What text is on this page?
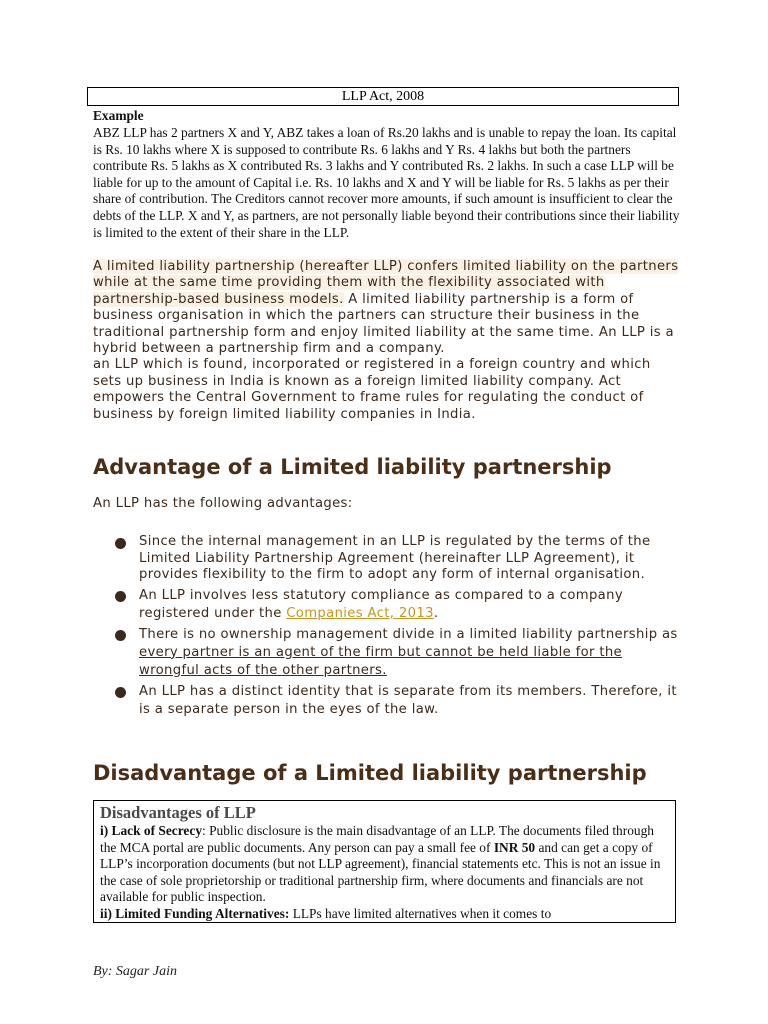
LLP Act, 2008
Example
ABZ LLP has 2 partners X and Y, ABZ takes a loan of Rs.20 lakhs and is unable to repay the loan. Its capital is Rs. 10 lakhs where X is supposed to contribute Rs. 6 lakhs and Y Rs. 4 lakhs but both the partners contribute Rs. 5 lakhs as X contributed Rs. 3 lakhs and Y contributed Rs. 2 lakhs. In such a case LLP will be liable for up to the amount of Capital i.e. Rs. 10 lakhs and X and Y will be liable for Rs. 5 lakhs as per their share of contribution. The Creditors cannot recover more amounts, if such amount is insufficient to clear the debts of the LLP. X and Y, as partners, are not personally liable beyond their contributions since their liability is limited to the extent of their share in the LLP.
A limited liability partnership (hereafter LLP) confers limited liability on the partners while at the same time providing them with the flexibility associated with partnership-based business models. A limited liability partnership is a form of business organisation in which the partners can structure their business in the traditional partnership form and enjoy limited liability at the same time. An LLP is a hybrid between a partnership firm and a company.
an LLP which is found, incorporated or registered in a foreign country and which sets up business in India is known as a foreign limited liability company. Act empowers the Central Government to frame rules for regulating the conduct of business by foreign limited liability companies in India.
Advantage of a Limited liability partnership
An LLP has the following advantages:
Since the internal management in an LLP is regulated by the terms of the Limited Liability Partnership Agreement (hereinafter LLP Agreement), it provides flexibility to the firm to adopt any form of internal organisation.
An LLP involves less statutory compliance as compared to a company registered under the Companies Act, 2013.
There is no ownership management divide in a limited liability partnership as every partner is an agent of the firm but cannot be held liable for the wrongful acts of the other partners.
An LLP has a distinct identity that is separate from its members. Therefore, it is a separate person in the eyes of the law.
Disadvantage of a Limited liability partnership
Disadvantages of LLP
i) Lack of Secrecy: Public disclosure is the main disadvantage of an LLP. The documents filed through the MCA portal are public documents. Any person can pay a small fee of INR 50 and can get a copy of LLP’s incorporation documents (but not LLP agreement), financial statements etc. This is not an issue in the case of sole proprietorship or traditional partnership firm, where documents and financials are not available for public inspection.
ii) Limited Funding Alternatives: LLPs have limited alternatives when it comes to
By: Sagar Jain
